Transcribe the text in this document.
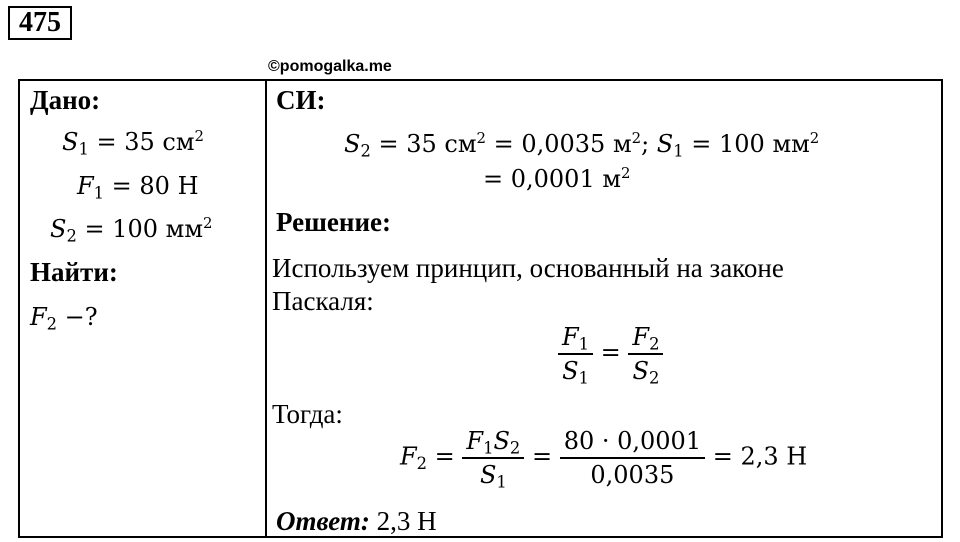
475
©pomogalka.me
Дано:
$S_1 = 35$ $см^2$
$F_1 = 80$ Н
$S_2 = 100$ $мм^2$
Найти:
$F_2$ −?
СИ:
$S_2 = 35$ $см^2 = 0,0035$ $м^2$; $S_1 = 100$ $мм^2$
= 0,0001 $м^2$
Решение:
Используем принцип, основанный на законе
Паскаля:
$\frac{F_1}{S_1} = \frac{F_2}{S_2}$
Тогда:
$F_2 = \frac{F_1S_2}{S_1} = \frac{80 \cdot 0,0001}{0,0035} = 2,3$ Н
Ответ: 2,3 Н
